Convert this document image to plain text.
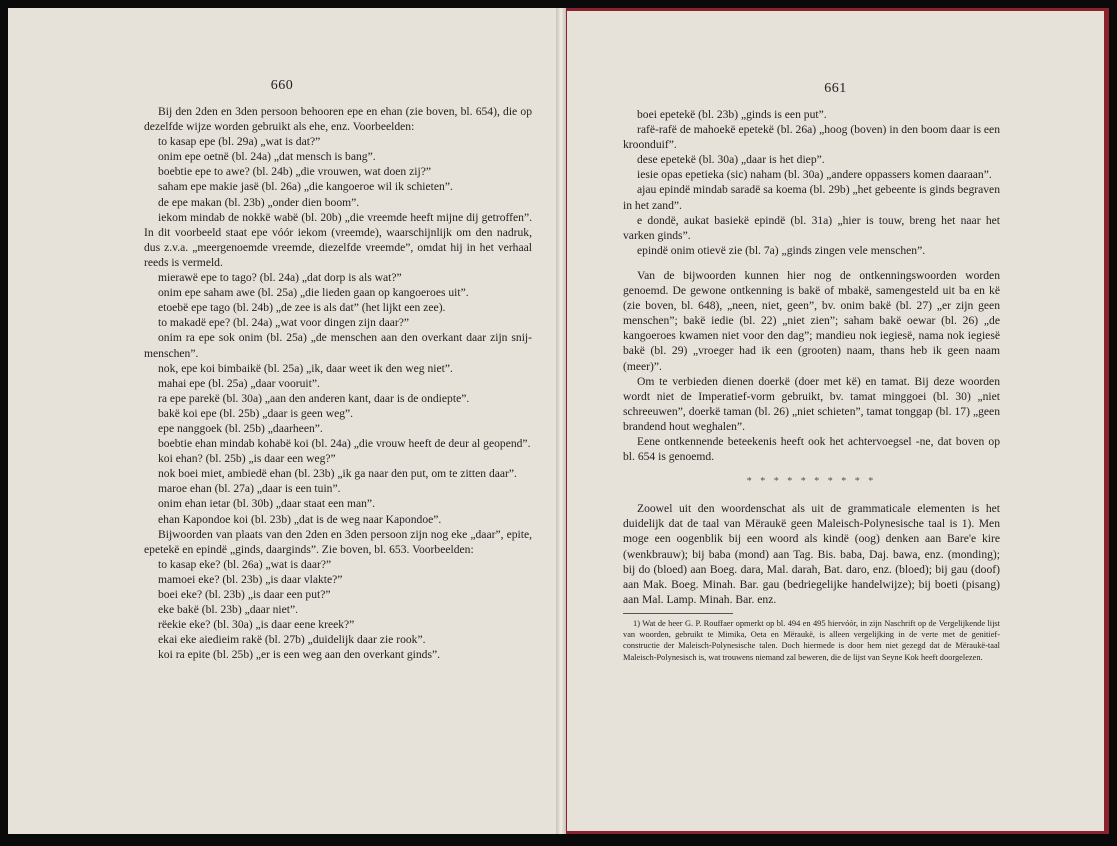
660

Bij den 2den en 3den persoon behooren epe en ehan (zie boven, bl. 654), die op dezelfde wijze worden gebruikt als ehe, enz. Voorbeelden:

to kasap epe (bl. 29a) „wat is dat?”

onim epe oetnë (bl. 24a) „dat mensch is bang”.

boebtie epe to awe? (bl. 24b) „die vrouwen, wat doen zij?”

saham epe makie jasë (bl. 26a) „die kangoeroe wil ik schieten”.

de epe makan (bl. 23b) „onder dien boom”.

iekom mindab de nokkë wabë (bl. 20b) „die vreemde heeft mijne dij getroffen”. In dit voorbeeld staat epe vóór iekom (vreemde), waarschijnlijk om den nadruk, dus z.v.a. „meergenoemde vreemde, diezelfde vreemde”, omdat hij in het verhaal reeds is vermeld.

mierawë epe to tago? (bl. 24a) „dat dorp is als wat?”

onim epe saham awe (bl. 25a) „die lieden gaan op kangoeroes uit”.

etoebë epe tago (bl. 24b) „de zee is als dat” (het lijkt een zee).

to makadë epe? (bl. 24a) „wat voor dingen zijn daar?”

onim ra epe sok onim (bl. 25a) „de menschen aan den overkant daar zijn snij-menschen”.

nok, epe koi bimbaikë (bl. 25a) „ik, daar weet ik den weg niet”.

mahai epe (bl. 25a) „daar vooruit”.

ra epe parekë (bl. 30a) „aan den anderen kant, daar is de ondiepte”.

bakë koi epe (bl. 25b) „daar is geen weg”.

epe nanggoek (bl. 25b) „daarheen”.

boebtie ehan mindab kohabë koi (bl. 24a) „die vrouw heeft de deur al geopend”.

koi ehan? (bl. 25b) „is daar een weg?”

nok boei miet, ambiedë ehan (bl. 23b) „ik ga naar den put, om te zitten daar”.

maroe ehan (bl. 27a) „daar is een tuin”.

onim ehan ietar (bl. 30b) „daar staat een man”.

ehan Kapondoe koi (bl. 23b) „dat is de weg naar Kapondoe”.

Bijwoorden van plaats van den 2den en 3den persoon zijn nog eke „daar”, epite, epetekë en epindë „ginds, daarginds”. Zie boven, bl. 653. Voorbeelden:

to kasap eke? (bl. 26a) „wat is daar?”

mamoei eke? (bl. 23b) „is daar vlakte?”

boei eke? (bl. 23b) „is daar een put?”

eke bakë (bl. 23b) „daar niet”.

rëekie eke? (bl. 30a) „is daar eene kreek?”

ekai eke aiedieim rakë (bl. 27b) „duidelijk daar zie rook”.

koi ra epite (bl. 25b) „er is een weg aan den overkant ginds”.

661

boei epetekë (bl. 23b) „ginds is een put”.

rafë-rafë de mahoekë epetekë (bl. 26a) „hoog (boven) in den boom daar is een kroonduif”.

dese epetekë (bl. 30a) „daar is het diep”.

iesie opas epetieka (sic) naham (bl. 30a) „andere oppassers komen daaraan”.

ajau epindë mindab saradë sa koema (bl. 29b) „het gebeente is ginds begraven in het zand”.

e dondë, aukat basiekë epindë (bl. 31a) „hier is touw, breng het naar het varken ginds”.

epindë onim otievë zie (bl. 7a) „ginds zingen vele menschen”.

Van de bijwoorden kunnen hier nog de ontkenningswoorden worden genoemd. De gewone ontkenning is bakë of mbakë, samengesteld uit ba en kë (zie boven, bl. 648), „neen, niet, geen”, bv. onim bakë (bl. 27) „er zijn geen menschen”; bakë iedie (bl. 22) „niet zien”; saham bakë oewar (bl. 26) „de kangoeroes kwamen niet voor den dag”; mandieu nok iegiesë, nama nok iegiesë bakë (bl. 29) „vroeger had ik een (grooten) naam, thans heb ik geen naam (meer)”.

Om te verbieden dienen doerkë (doer met kë) en tamat. Bij deze woorden wordt niet de Imperatief-vorm gebruikt, bv. tamat minggoei (bl. 30) „niet schreeuwen”, doerkë taman (bl. 26) „niet schieten”, tamat tonggap (bl. 17) „geen brandend hout weghalen”.

Eene ontkennende beteekenis heeft ook het achtervoegsel -ne, dat boven op bl. 654 is genoemd.

* * * * * * * * * *

Zoowel uit den woordenschat als uit de grammaticale elementen is het duidelijk dat de taal van Mëraukë geen Maleisch-Polynesische taal is 1). Men moge een oogenblik bij een woord als kindë (oog) denken aan Bare'e kire (wenkbrauw); bij baba (mond) aan Tag. Bis. baba, Daj. bawa, enz. (monding); bij do (bloed) aan Boeg. dara, Mal. darah, Bat. daro, enz. (bloed); bij gau (doof) aan Mak. Boeg. Minah. Bar. gau (bedriegelijke handelwijze); bij boeti (pisang) aan Mal. Lamp. Minah. Bar. enz.

1) Wat de heer G. P. Rouffaer opmerkt op bl. 494 en 495 hiervóór, in zijn Naschrift op de Vergelijkende lijst van woorden, gebruikt te Mimika, Oeta en Mëraukë, is alleen vergelijking in de verte met de genitief-constructie der Maleisch-Polynesische talen. Doch hiermede is door hem niet gezegd dat de Mëraukë-taal Maleisch-Polynesisch is, wat trouwens niemand zal beweren, die de lijst van Seyne Kok heeft doorgelezen.
